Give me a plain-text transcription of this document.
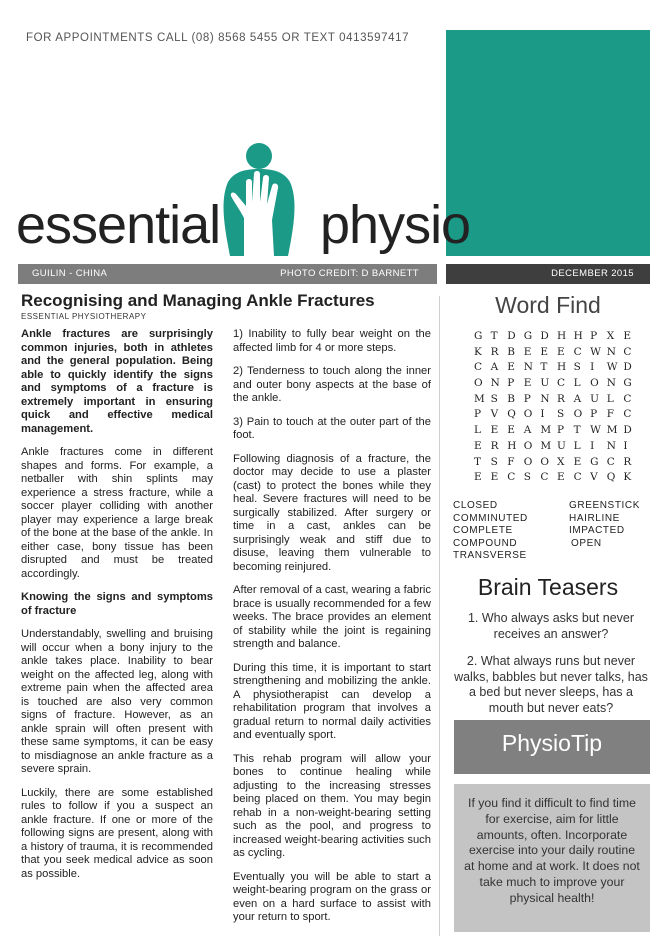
FOR APPOINTMENTS CALL (08) 8568 5455 OR TEXT 0413597417
essential physio
GUILIN - CHINA	PHOTO CREDIT: D BARNETT	DECEMBER 2015
Recognising and Managing Ankle Fractures
ESSENTIAL PHYSIOTHERAPY

Ankle fractures are surprisingly common injuries, both in athletes and the general population. Being able to quickly identify the signs and symptoms of a fracture is extremely important in ensuring quick and effective medical management.

Ankle fractures come in different shapes and forms. For example, a netballer with shin splints may experience a stress fracture, while a soccer player colliding with another player may experience a large break of the bone at the base of the ankle. In either case, bony tissue has been disrupted and must be treated accordingly.

Knowing the signs and symptoms of fracture

Understandably, swelling and bruising will occur when a bony injury to the ankle takes place. Inability to bear weight on the affected leg, along with extreme pain when the affected area is touched are also very common signs of fracture. However, as an ankle sprain will often present with these same symptoms, it can be easy to misdiagnose an ankle fracture as a severe sprain.

Luckily, there are some established rules to follow if you a suspect an ankle fracture. If one or more of the following signs are present, along with a history of trauma, it is recommended that you seek medical advice as soon as possible.

1) Inability to fully bear weight on the affected limb for 4 or more steps.

2) Tenderness to touch along the inner and outer bony aspects at the base of the ankle.

3) Pain to touch at the outer part of the foot.

Following diagnosis of a fracture, the doctor may decide to use a plaster (cast) to protect the bones while they heal. Severe fractures will need to be surgically stabilized. After surgery or time in a cast, ankles can be surprisingly weak and stiff due to disuse, leaving them vulnerable to becoming reinjured.

After removal of a cast, wearing a fabric brace is usually recommended for a few weeks. The brace provides an element of stability while the joint is regaining strength and balance.

During this time, it is important to start strengthening and mobilizing the ankle. A physiotherapist can develop a rehabilitation program that involves a gradual return to normal daily activities and eventually sport.

This rehab program will allow your bones to continue healing while adjusting to the increasing stresses being placed on them. You may begin rehab in a non-weight-bearing setting such as the pool, and progress to increased weight-bearing activities such as cycling.

Eventually you will be able to start a weight-bearing program on the grass or even on a hard surface to assist with your return to sport.

Word Find
G T D G D H H P X E
K R B E E E C W N C
C A E N T H S I W D
O N P E U C L O N G
M S B P N R A U L C
P V Q O I S O P F C
L E E A M P T W M D
E R H O M U L I N I
T S F O O X E G C R
E E C S C E C V Q K
CLOSED
COMMINUTED
COMPLETE
COMPOUND
TRANSVERSE
GREENSTICK
HAIRLINE
IMPACTED
OPEN
Brain Teasers
1. Who always asks but never receives an answer?
2. What always runs but never walks, babbles but never talks, has a bed but never sleeps, has a mouth but never eats?
PhysioTip

If you find it difficult to find time for exercise, aim for little amounts, often. Incorporate exercise into your daily routine at home and at work. It does not take much to improve your physical health!
